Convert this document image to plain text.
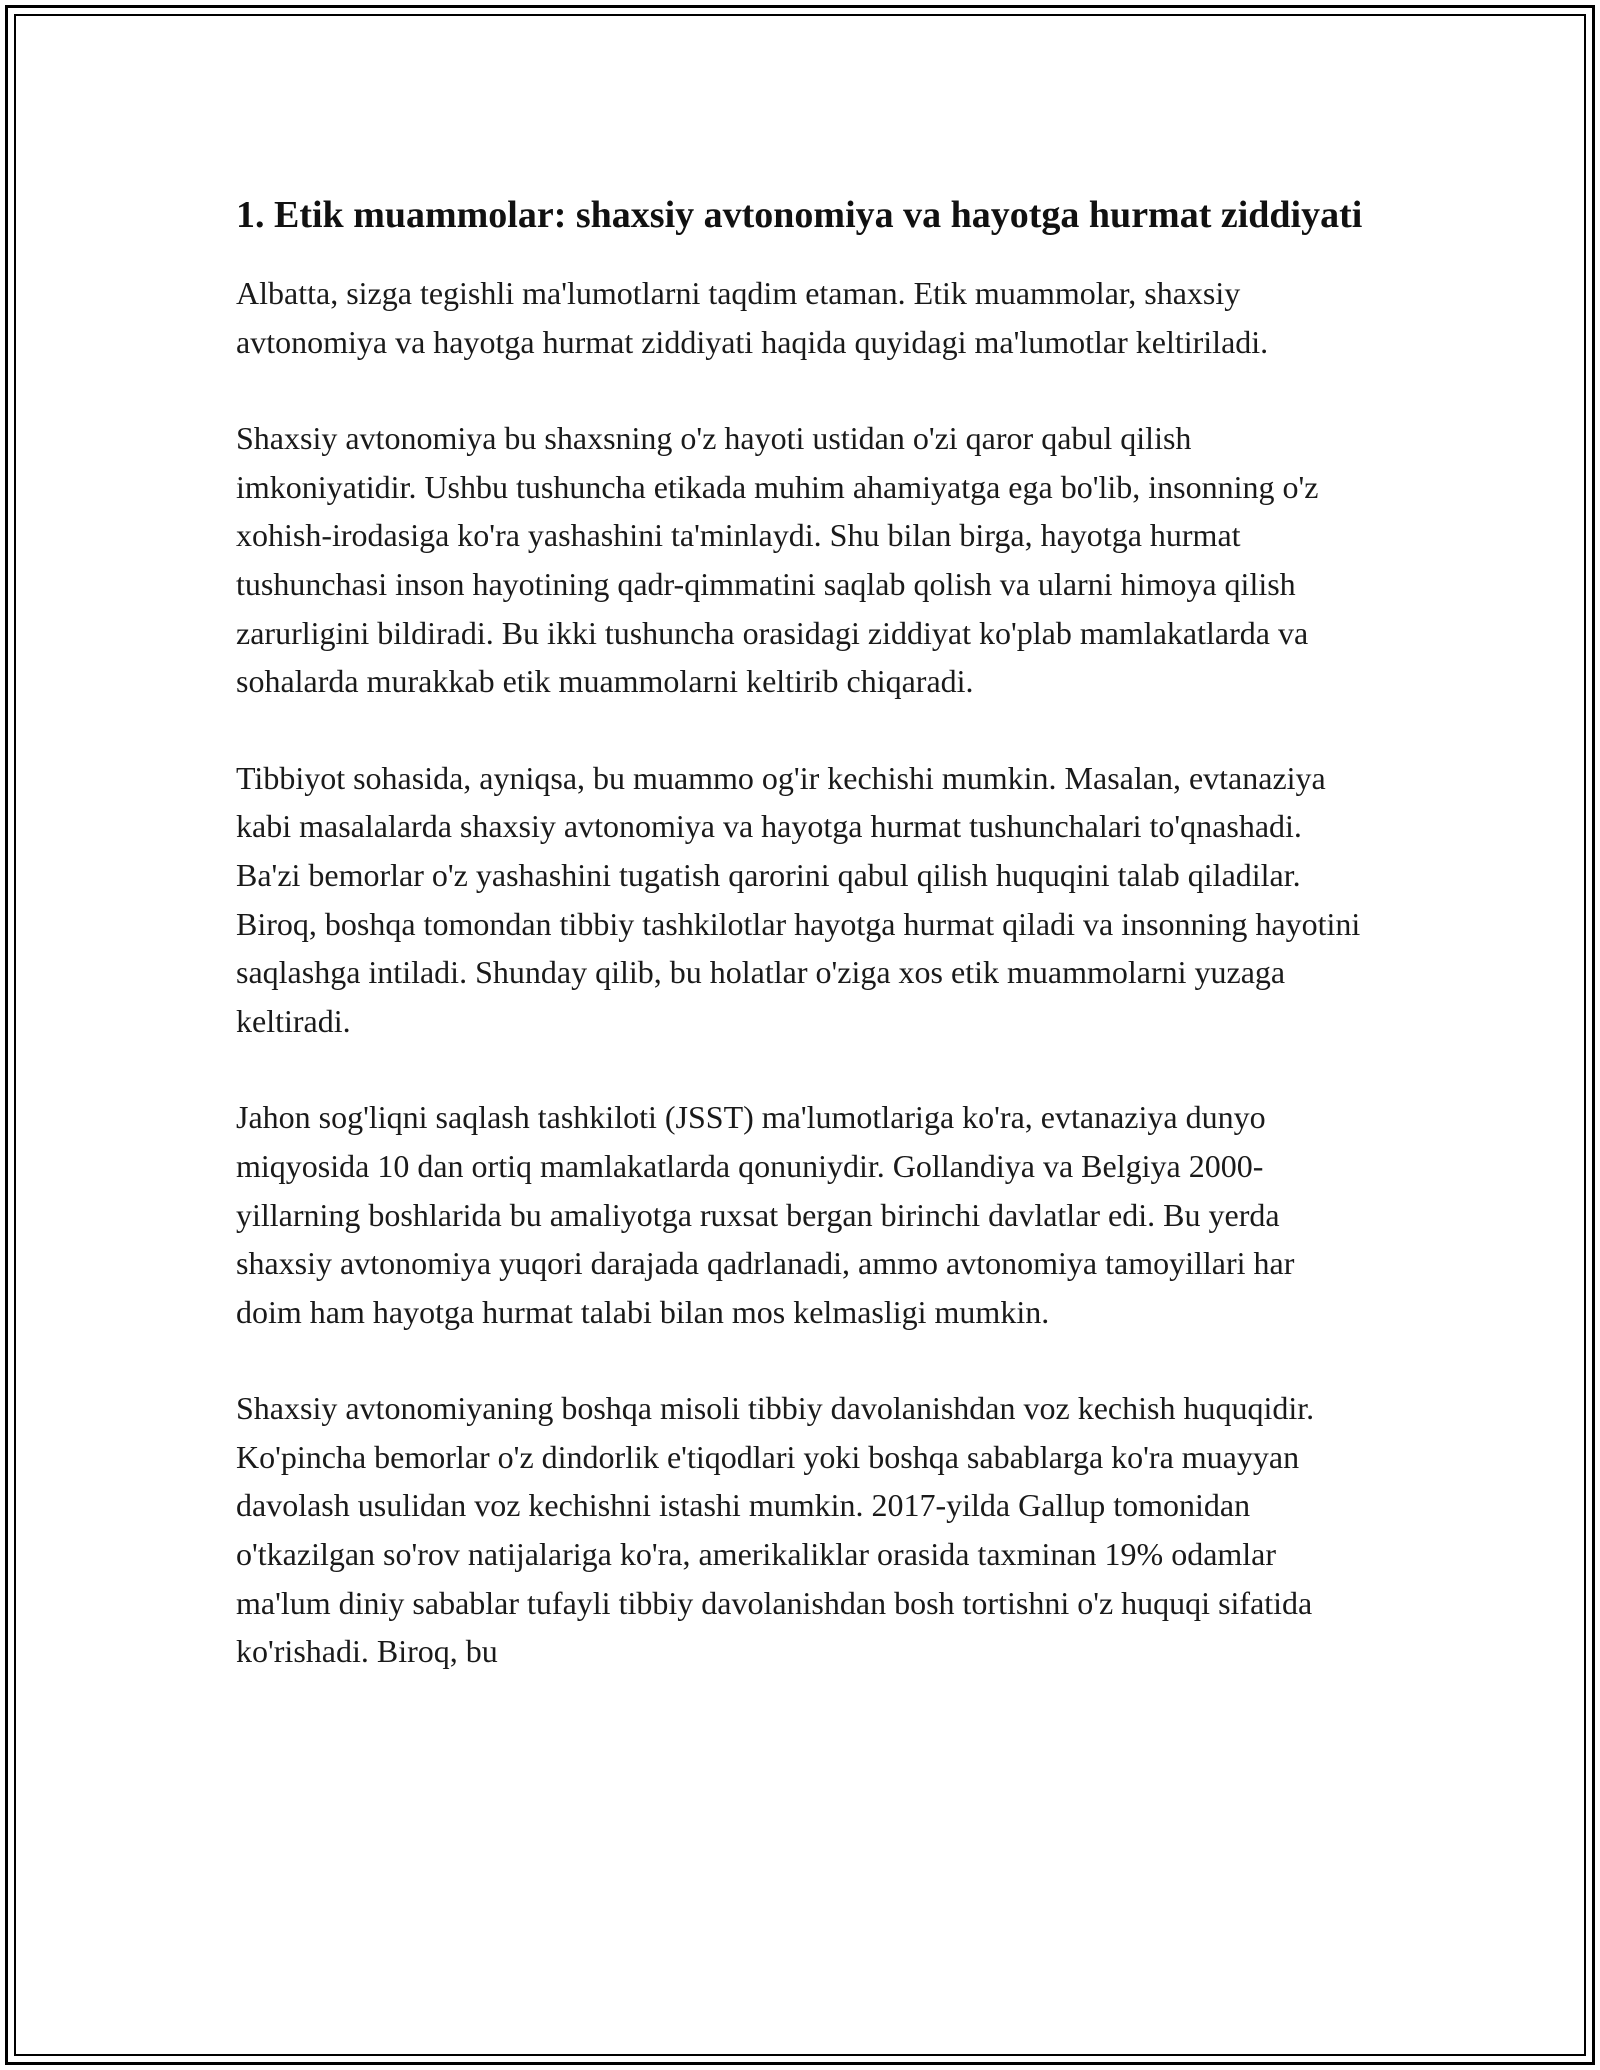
1. Etik muammolar: shaxsiy avtonomiya va hayotga hurmat ziddiyati

Albatta, sizga tegishli ma'lumotlarni taqdim etaman. Etik muammolar, shaxsiy avtonomiya va hayotga hurmat ziddiyati haqida quyidagi ma'lumotlar keltiriladi.

Shaxsiy avtonomiya bu shaxsning o'z hayoti ustidan o'zi qaror qabul qilish imkoniyatidir. Ushbu tushuncha etikada muhim ahamiyatga ega bo'lib, insonning o'z xohish-irodasiga ko'ra yashashini ta'minlaydi. Shu bilan birga, hayotga hurmat tushunchasi inson hayotining qadr-qimmatini saqlab qolish va ularni himoya qilish zarurligini bildiradi. Bu ikki tushuncha orasidagi ziddiyat ko'plab mamlakatlarda va sohalarda murakkab etik muammolarni keltirib chiqaradi.

Tibbiyot sohasida, ayniqsa, bu muammo og'ir kechishi mumkin. Masalan, evtanaziya kabi masalalarda shaxsiy avtonomiya va hayotga hurmat tushunchalari to'qnashadi. Ba'zi bemorlar o'z yashashini tugatish qarorini qabul qilish huquqini talab qiladilar. Biroq, boshqa tomondan tibbiy tashkilotlar hayotga hurmat qiladi va insonning hayotini saqlashga intiladi. Shunday qilib, bu holatlar o'ziga xos etik muammolarni yuzaga keltiradi.

Jahon sog'liqni saqlash tashkiloti (JSST) ma'lumotlariga ko'ra, evtanaziya dunyo miqyosida 10 dan ortiq mamlakatlarda qonuniydir. Gollandiya va Belgiya 2000-yillarning boshlarida bu amaliyotga ruxsat bergan birinchi davlatlar edi. Bu yerda shaxsiy avtonomiya yuqori darajada qadrlanadi, ammo avtonomiya tamoyillari har doim ham hayotga hurmat talabi bilan mos kelmasligi mumkin.

Shaxsiy avtonomiyaning boshqa misoli tibbiy davolanishdan voz kechish huquqidir. Ko'pincha bemorlar o'z dindorlik e'tiqodlari yoki boshqa sabablarga ko'ra muayyan davolash usulidan voz kechishni istashi mumkin. 2017-yilda Gallup tomonidan o'tkazilgan so'rov natijalariga ko'ra, amerikaliklar orasida taxminan 19% odamlar ma'lum diniy sabablar tufayli tibbiy davolanishdan bosh tortishni o'z huquqi sifatida ko'rishadi. Biroq, bu
